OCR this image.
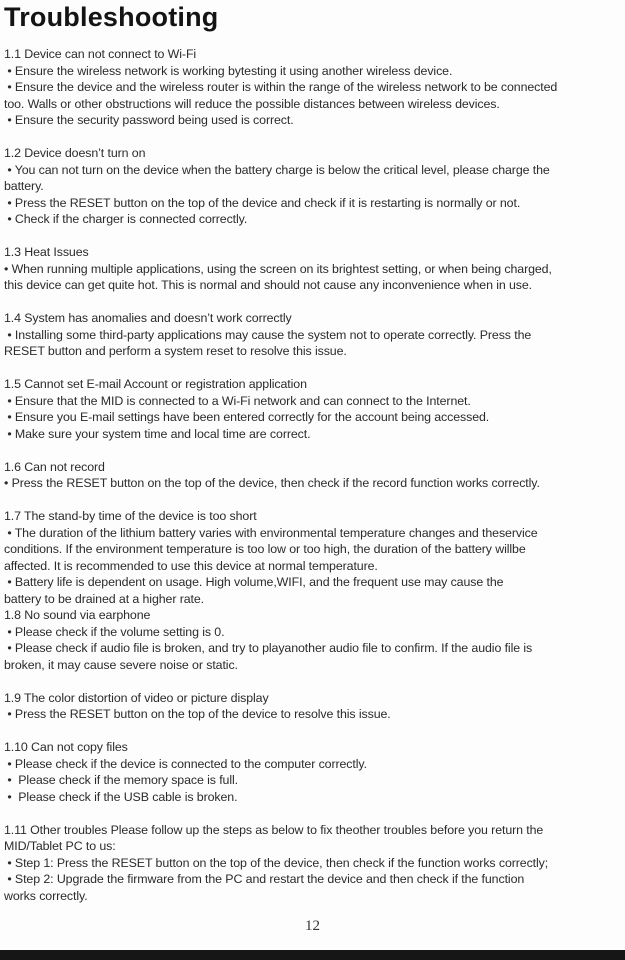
Troubleshooting
1.1 Device can not connect to Wi-Fi
• Ensure the wireless network is working bytesting it using another wireless device.
• Ensure the device and the wireless router is within the range of the wireless network to be connected
too. Walls or other obstructions will reduce the possible distances between wireless devices.
• Ensure the security password being used is correct.
1.2 Device doesn’t turn on
• You can not turn on the device when the battery charge is below the critical level, please charge the
battery.
• Press the RESET button on the top of the device and check if it is restarting is normally or not.
• Check if the charger is connected correctly.
1.3 Heat Issues
• When running multiple applications, using the screen on its brightest setting, or when being charged,
this device can get quite hot. This is normal and should not cause any inconvenience when in use.
1.4 System has anomalies and doesn’t work correctly
• Installing some third-party applications may cause the system not to operate correctly. Press the
RESET button and perform a system reset to resolve this issue.
1.5 Cannot set E-mail Account or registration application
• Ensure that the MID is connected to a Wi-Fi network and can connect to the Internet.
• Ensure you E-mail settings have been entered correctly for the account being accessed.
• Make sure your system time and local time are correct.
1.6 Can not record
• Press the RESET button on the top of the device, then check if the record function works correctly.
1.7 The stand-by time of the device is too short
• The duration of the lithium battery varies with environmental temperature changes and theservice
conditions. If the environment temperature is too low or too high, the duration of the battery willbe
affected. It is recommended to use this device at normal temperature.
• Battery life is dependent on usage. High volume,WIFI, and the frequent use may cause the
battery to be drained at a higher rate.
1.8 No sound via earphone
• Please check if the volume setting is 0.
• Please check if audio file is broken, and try to playanother audio file to confirm. If the audio file is
broken, it may cause severe noise or static.
1.9 The color distortion of video or picture display
• Press the RESET button on the top of the device to resolve this issue.
1.10 Can not copy files
• Please check if the device is connected to the computer correctly.
•  Please check if the memory space is full.
•  Please check if the USB cable is broken.
1.11 Other troubles Please follow up the steps as below to fix theother troubles before you return the
MID/Tablet PC to us:
• Step 1: Press the RESET button on the top of the device, then check if the function works correctly;
• Step 2: Upgrade the firmware from the PC and restart the device and then check if the function
works correctly.
12
